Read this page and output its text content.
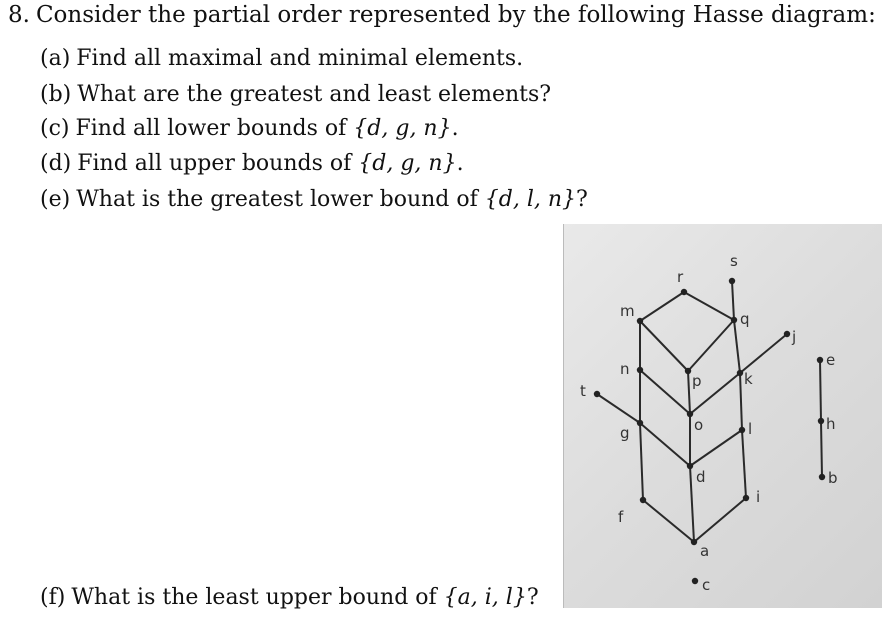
8. Consider the partial order represented by the following Hasse diagram:
(a) Find all maximal and minimal elements.
(b) What are the greatest and least elements?
(c) Find all lower bounds of {d, g, n}.
(d) Find all upper bounds of {d, g, n}.
(e) What is the greatest lower bound of {d, l, n}?
(f) What is the least upper bound of {a, i, l}?
r
s
m	q
j
n
p	k
e
t
o
g	l	h
d	b
i
f
a
c
